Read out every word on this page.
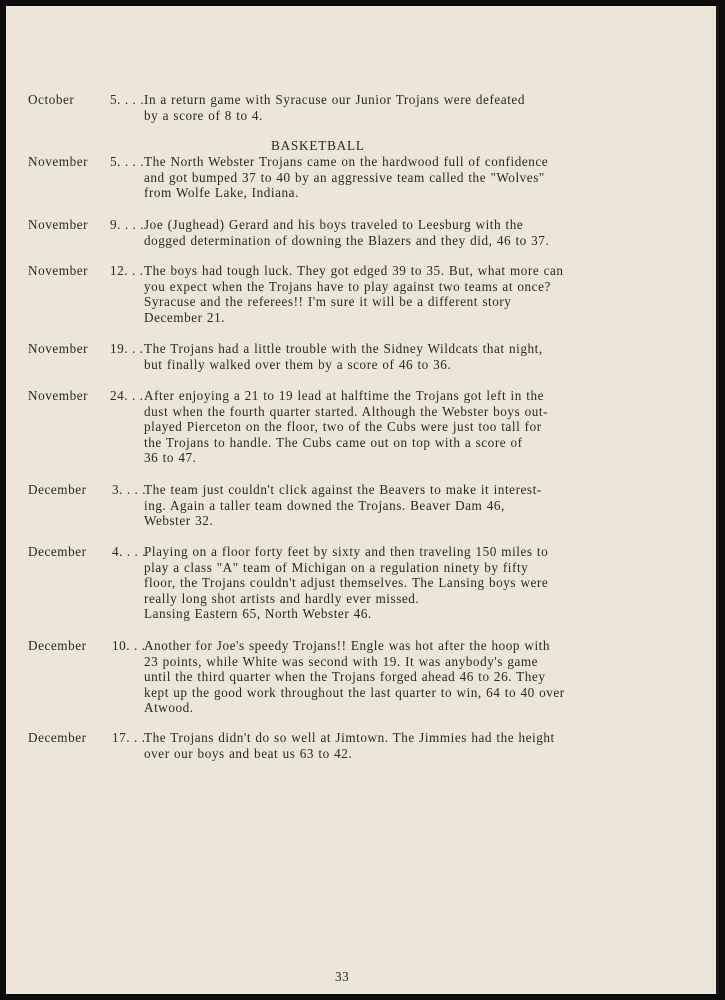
BASKETBALL

October

	5. . . .

In a return game with Syracuse our Junior Trojans were defeated
by a score of 8 to 4.

November

5. . . .

The North Webster Trojans came on the hardwood full of confidence
and got bumped 37 to 40 by an aggressive team called the "Wolves"
from Wolfe Lake, Indiana.

November

9. . . .

Joe (Jughead) Gerard and his boys traveled to Leesburg with the
dogged determination of downing the Blazers and they did, 46 to 37.

November

12. . .

The boys had tough luck. They got edged 39 to 35. But, what more can
you expect when the Trojans have to play against two teams at once?
Syracuse and the referees!! I'm sure it will be a different story
December 21.

November

19. . .

The Trojans had a little trouble with the Sidney Wildcats that night,
but finally walked over them by a score of 46 to 36.

November

24. . .

After enjoying a 21 to 19 lead at halftime the Trojans got left in the
dust when the fourth quarter started. Although the Webster boys out-
played Pierceton on the floor, two of the Cubs were just too tall for
the Trojans to handle. The Cubs came out on top with a score of
36 to 47.

December

3. . . .

The team just couldn't click against the Beavers to make it interest-
ing. Again a taller team downed the Trojans. Beaver Dam 46,
Webster 32.

December

4. . . .

Playing on a floor forty feet by sixty and then traveling 150 miles to
play a class "A" team of Michigan on a regulation ninety by fifty
floor, the Trojans couldn't adjust themselves. The Lansing boys were
really long shot artists and hardly ever missed.
Lansing Eastern 65, North Webster 46.

December

10. . .

Another for Joe's speedy Trojans!! Engle was hot after the hoop with
23 points, while White was second with 19. It was anybody's game
until the third quarter when the Trojans forged ahead 46 to 26. They
kept up the good work throughout the last quarter to win, 64 to 40 over
Atwood.

December

17. . .

The Trojans didn't do so well at Jimtown. The Jimmies had the height
over our boys and beat us 63 to 42.
33
